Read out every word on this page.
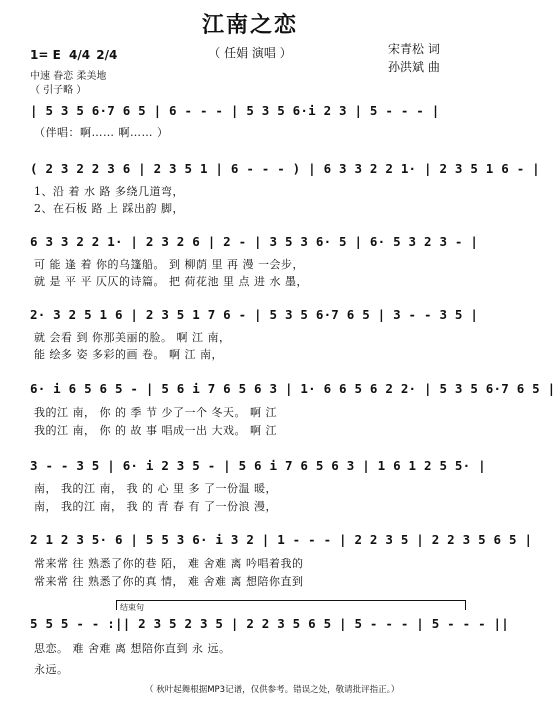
江南之恋
（ 任娟 演唱 ）
1= E 4/4 2/4
中速 眷恋 柔美地
（ 引子略 ）
宋青松 词
孙洪斌 曲
| 5 3 5 6·7 6 5 | 6 - - - | 5 3 5 6·i 2 3 | 5 - - - |
（伴唱：啊…… 啊…… ）
( 2 3 2 2 3 6 | 2 3 5 1 | 6 - - - ) | 6 3 3 2 2 1· | 2 3 5 1 6 - |
1、沿 着 水 路 多绕几道弯，
2、在石板 路 上 踩出韵 脚，
6 3 3 2 2 1· | 2 3 2 6 | 2 - | 3 5 3 6· 5 | 6· 5 3 2 3 - |
可 能 逢 着 你的乌篷船。 到 柳荫 里 再 漫 一会步，
就 是 平 平 仄仄的诗篇。 把 荷花池 里 点 进 水 墨，
2· 3 2 5 1 6 | 2 3 5 1 7 6 - | 5 3 5 6·7 6 5 | 3 - - 3 5 |
就 会看 到 你那美丽的脸。 啊 江 南，
能 绘多 姿 多彩的画 卷。 啊 江 南，
6· i 6 5 6 5 - | 5 6 i 7 6 5 6 3 | 1· 6 6 5 6 2 2· | 5 3 5 6·7 6 5 |
我的江 南， 你 的 季 节 少了一个 冬天。 啊 江
我的江 南， 你 的 故 事 唱成一出 大戏。 啊 江
3 - - 3 5 | 6· i 2 3 5 - | 5 6 i 7 6 5 6 3 | 1 6 1 2 5 5· |
南， 我的江 南， 我 的 心 里 多 了一份温 暖，
南， 我的江 南， 我 的 青 春 有 了一份浪 漫，
2 1 2 3 5· 6 | 5 5 3 6· i 3 2 | 1 - - - | 2 2 3 5 | 2 2 3 5 6 5 |
常来常 往 熟悉了你的巷 陌， 难 舍难 离 吟唱着我的
常来常 往 熟悉了你的真 情， 难 舍难 离 想陪你直到
结束句
5 5 5 - - :|| 2 3 5 2 3 5 | 2 2 3 5 6 5 | 5 - - - | 5 - - - ||
思恋。 难 舍难 离 想陪你直到 永 远。
永远。
（ 秋叶起舞根据MP3记谱，仅供参考。错误之处，敬请批评指正。）
